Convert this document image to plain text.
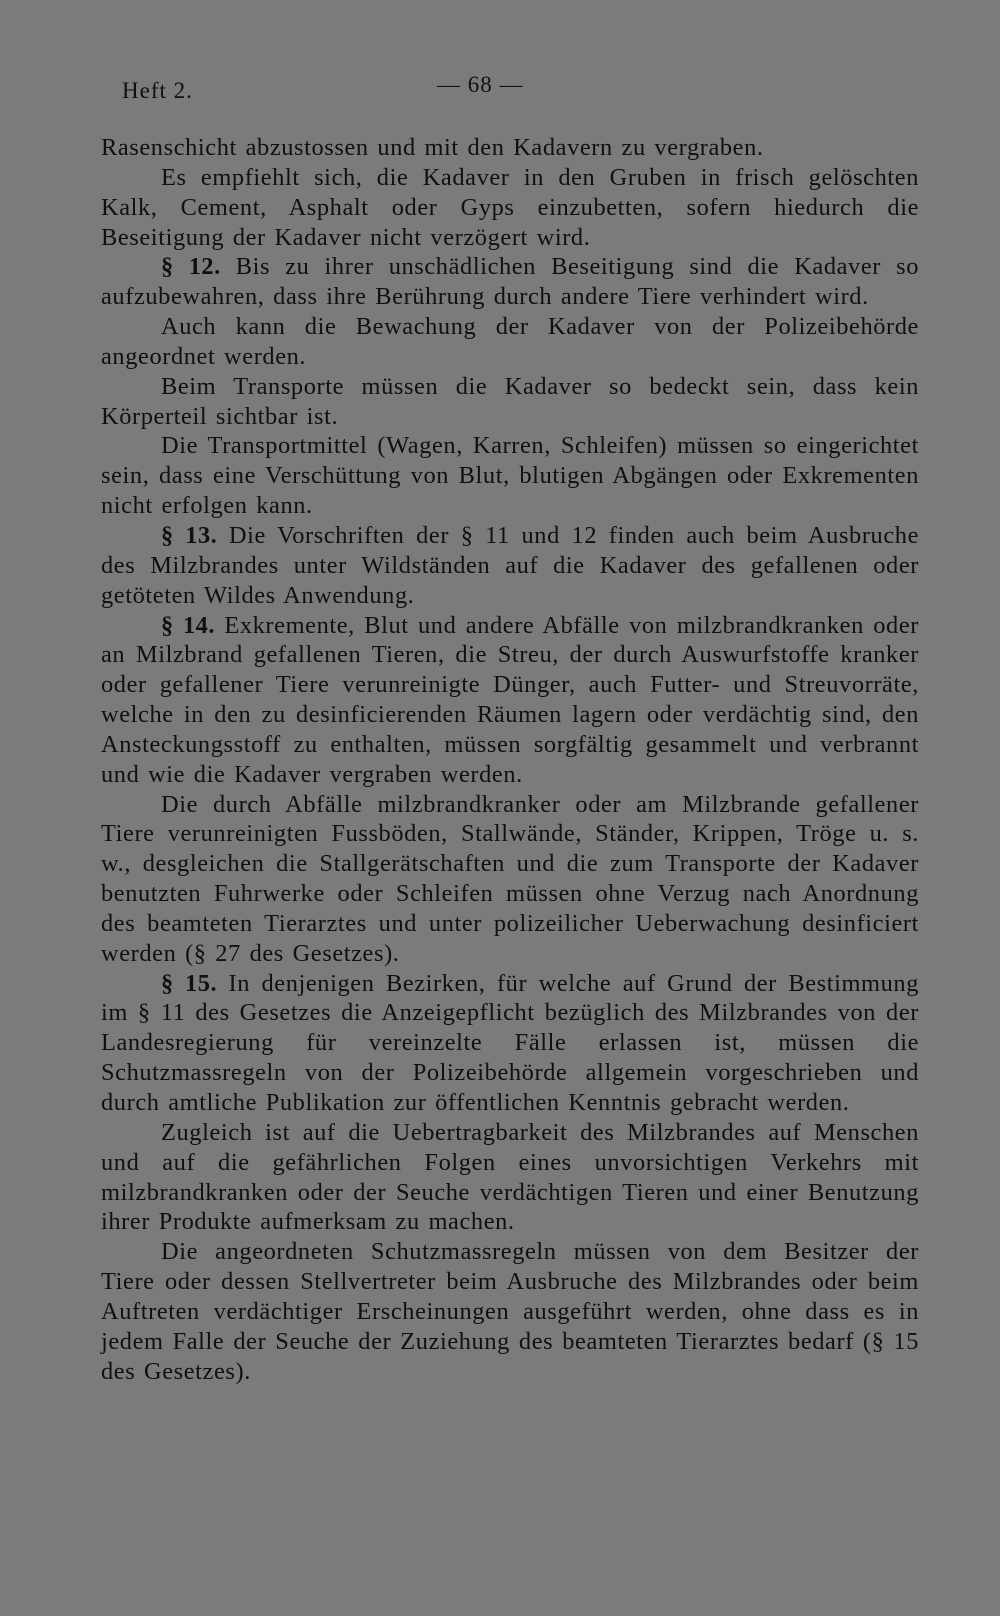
Heft 2.	— 68 —

Rasenschicht abzustossen und mit den Kadavern zu vergraben.

Es empfiehlt sich, die Kadaver in den Gruben in frisch gelöschten Kalk, Cement, Asphalt oder Gyps einzubetten, sofern hiedurch die Beseitigung der Kadaver nicht verzögert wird.

§ 12. Bis zu ihrer unschädlichen Beseitigung sind die Kadaver so aufzubewahren, dass ihre Berührung durch andere Tiere verhindert wird.

Auch kann die Bewachung der Kadaver von der Polizeibehörde angeordnet werden.

Beim Transporte müssen die Kadaver so bedeckt sein, dass kein Körperteil sichtbar ist.

Die Transportmittel (Wagen, Karren, Schleifen) müssen so eingerichtet sein, dass eine Verschüttung von Blut, blutigen Abgängen oder Exkrementen nicht erfolgen kann.

§ 13. Die Vorschriften der § 11 und 12 finden auch beim Ausbruche des Milzbrandes unter Wildständen auf die Kadaver des gefallenen oder getöteten Wildes Anwendung.

§ 14. Exkremente, Blut und andere Abfälle von milzbrandkranken oder an Milzbrand gefallenen Tieren, die Streu, der durch Auswurfstoffe kranker oder gefallener Tiere verunreinigte Dünger, auch Futter- und Streuvorräte, welche in den zu desinficierenden Räumen lagern oder verdächtig sind, den Ansteckungsstoff zu enthalten, müssen sorgfältig gesammelt und verbrannt und wie die Kadaver vergraben werden.

Die durch Abfälle milzbrandkranker oder am Milzbrande gefallener Tiere verunreinigten Fussböden, Stallwände, Ständer, Krippen, Tröge u. s. w., desgleichen die Stallgerätschaften und die zum Transporte der Kadaver benutzten Fuhrwerke oder Schleifen müssen ohne Verzug nach Anordnung des beamteten Tierarztes und unter polizeilicher Ueberwachung desinficiert werden (§ 27 des Gesetzes).

§ 15. In denjenigen Bezirken, für welche auf Grund der Bestimmung im § 11 des Gesetzes die Anzeigepflicht bezüglich des Milzbrandes von der Landesregierung für vereinzelte Fälle erlassen ist, müssen die Schutzmassregeln von der Polizeibehörde allgemein vorgeschrieben und durch amtliche Publikation zur öffentlichen Kenntnis gebracht werden.

Zugleich ist auf die Uebertragbarkeit des Milzbrandes auf Menschen und auf die gefährlichen Folgen eines unvorsichtigen Verkehrs mit milzbrandkranken oder der Seuche verdächtigen Tieren und einer Benutzung ihrer Produkte aufmerksam zu machen.

Die angeordneten Schutzmassregeln müssen von dem Besitzer der Tiere oder dessen Stellvertreter beim Ausbruche des Milzbrandes oder beim Auftreten verdächtiger Erscheinungen ausgeführt werden, ohne dass es in jedem Falle der Seuche der Zuziehung des beamteten Tierarztes bedarf (§ 15 des Gesetzes).
